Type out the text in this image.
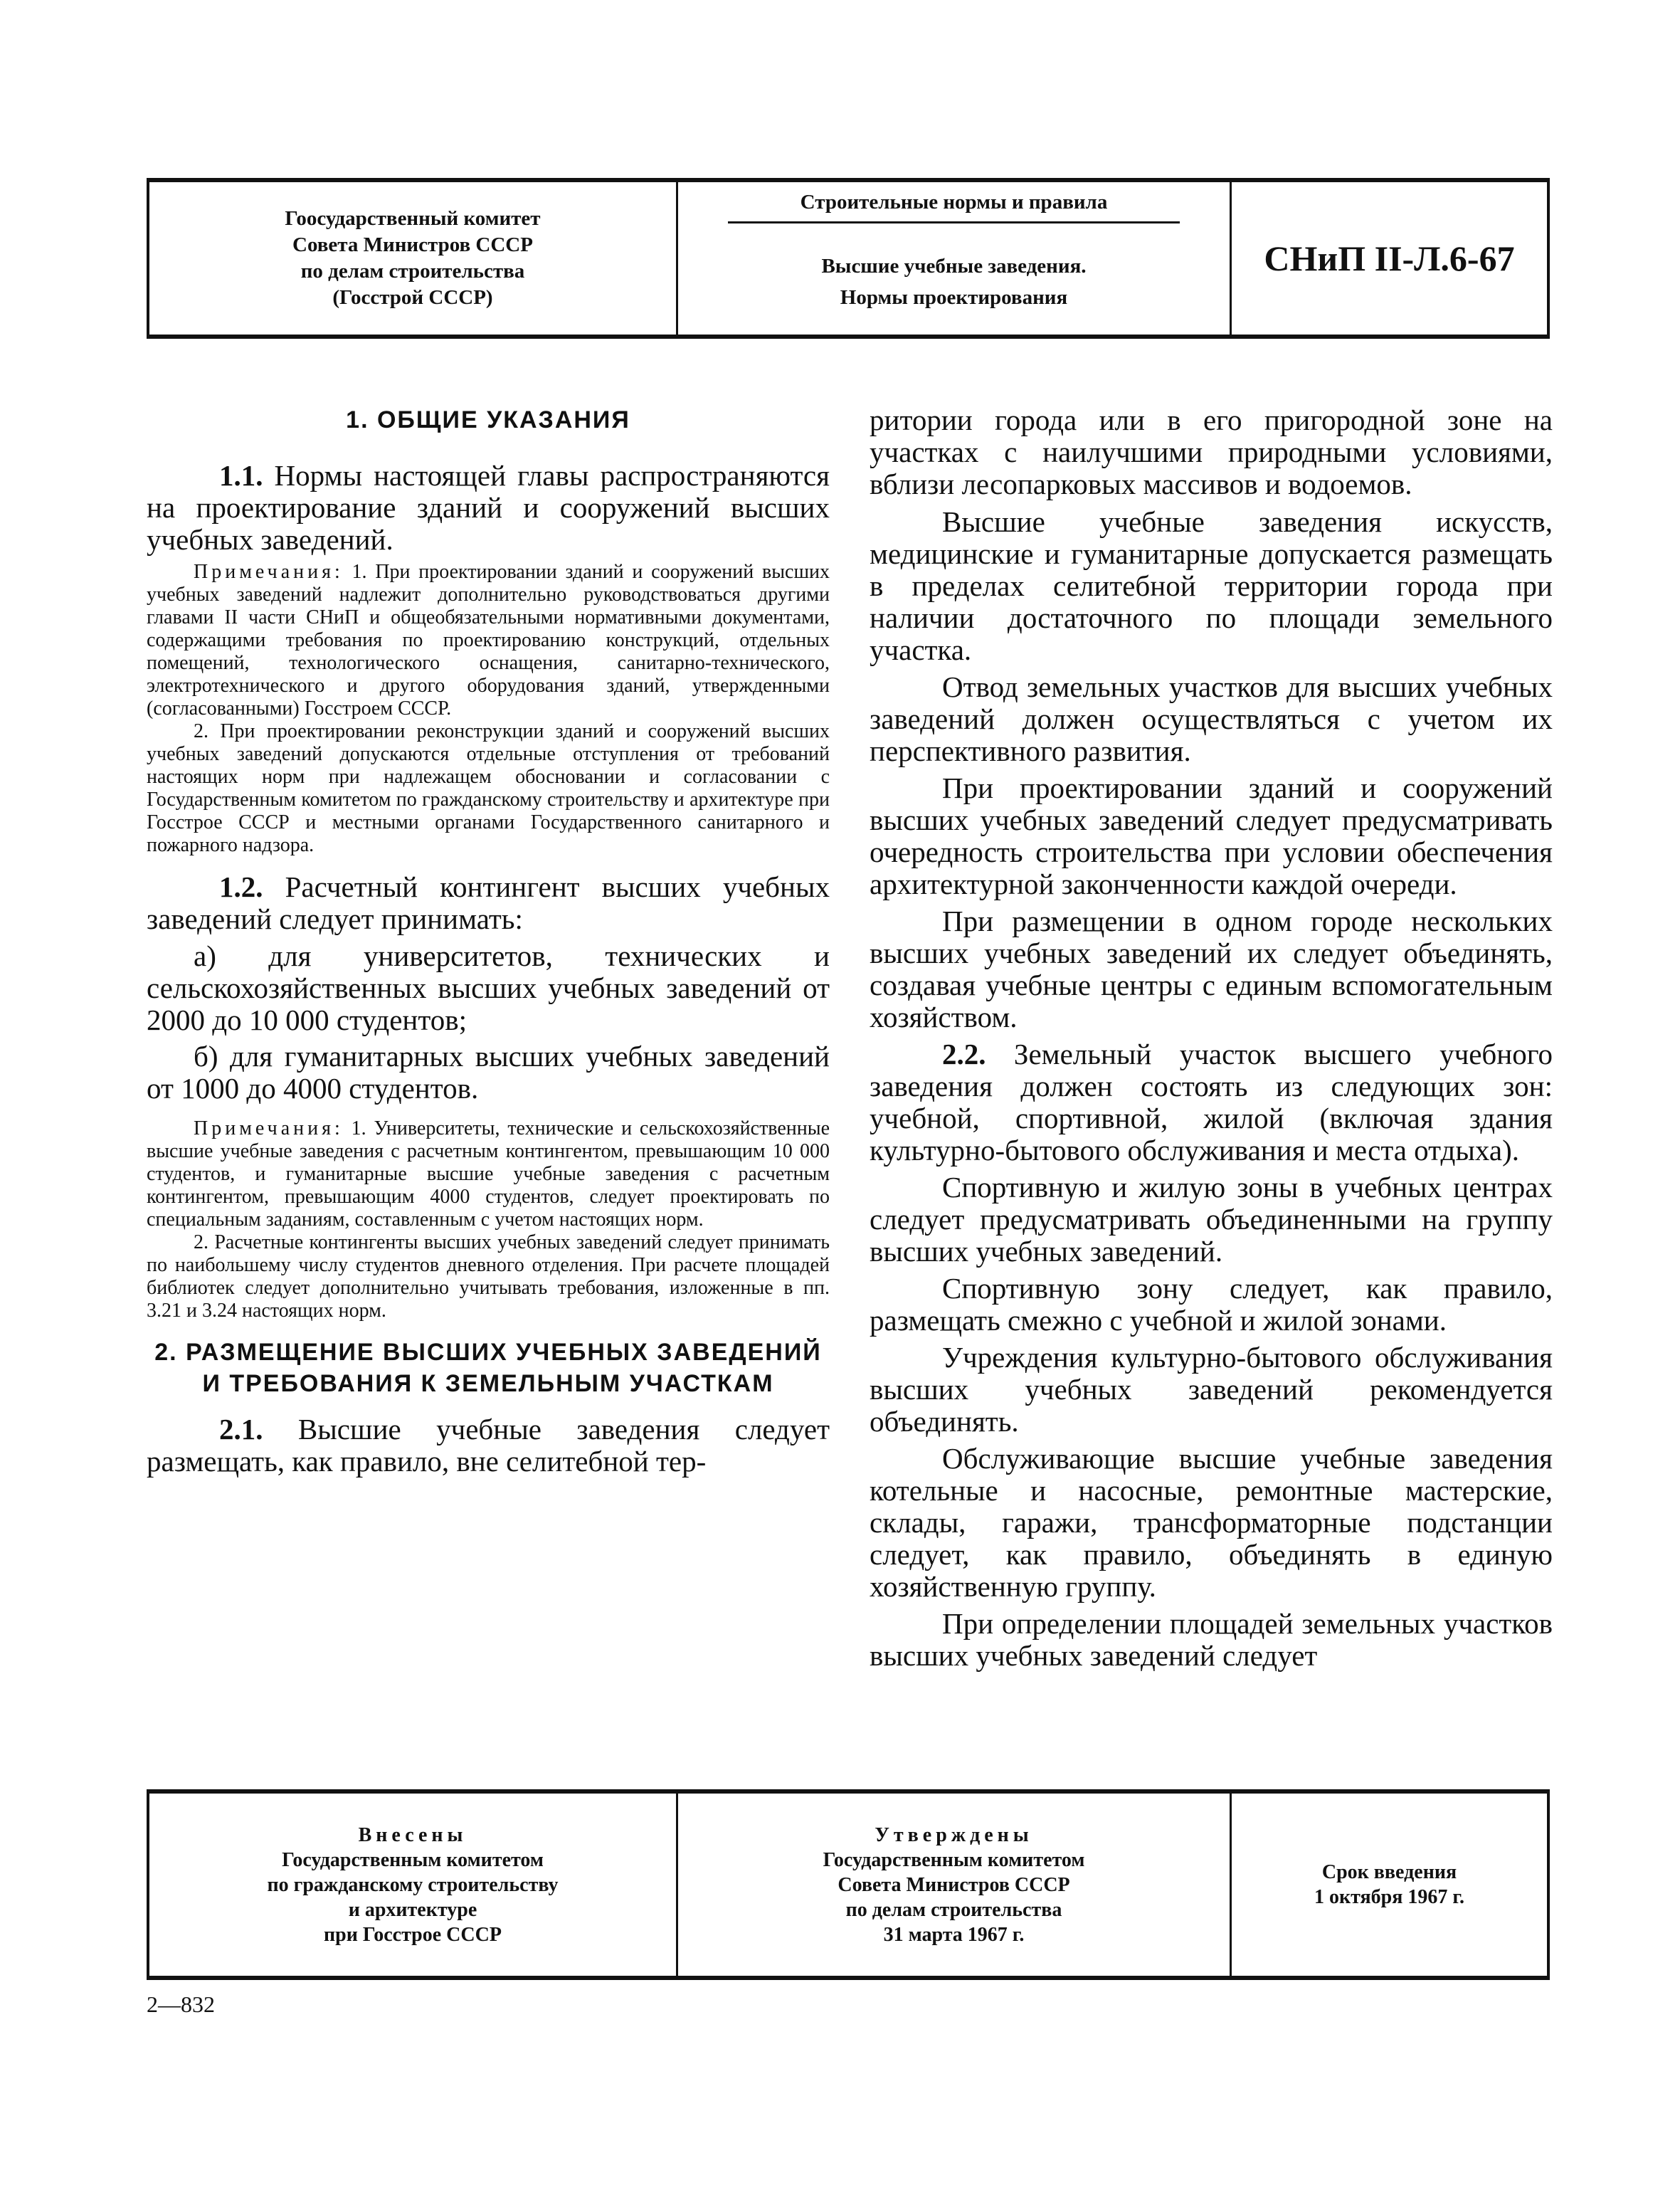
Гоосударственный комитет
Совета Министров СССР
по делам строительства
(Госстрой СССР)
Строительные нормы и правила
Высшие учебные заведения.
Нормы проектирования
СНиП II-Л.6-67
1. ОБЩИЕ УКАЗАНИЯ

1.1. Нормы настоящей главы распространяются на проектирование зданий и сооружений высших учебных заведений.

Примечания: 1. При проектировании зданий и сооружений высших учебных заведений надлежит дополнительно руководствоваться другими главами II части СНиП и общеобязательными нормативными документами, содержащими требования по проектированию конструкций, отдельных помещений, технологического оснащения, санитарно-технического, электротехнического и другого оборудования зданий, утвержденными (согласованными) Госстроем СССР.

2. При проектировании реконструкции зданий и сооружений высших учебных заведений допускаются отдельные отступления от требований настоящих норм при надлежащем обосновании и согласовании с Государственным комитетом по гражданскому строительству и архитектуре при Госстрое СССР и местными органами Государственного санитарного и пожарного надзора.

1.2. Расчетный контингент высших учебных заведений следует принимать:

а) для университетов, технических и сельскохозяйственных высших учебных заведений от 2000 до 10 000 студентов;

б) для гуманитарных высших учебных заведений от 1000 до 4000 студентов.

Примечания: 1. Университеты, технические и сельскохозяйственные высшие учебные заведения с расчетным контингентом, превышающим 10 000 студентов, и гуманитарные высшие учебные заведения с расчетным контингентом, превышающим 4000 студентов, следует проектировать по специальным заданиям, составленным с учетом настоящих норм.

2. Расчетные контингенты высших учебных заведений следует принимать по наибольшему числу студентов дневного отделения. При расчете площадей библиотек следует дополнительно учитывать требования, изложенные в пп. 3.21 и 3.24 настоящих норм.

2. РАЗМЕЩЕНИЕ ВЫСШИХ УЧЕБНЫХ ЗАВЕДЕНИЙ
И ТРЕБОВАНИЯ К ЗЕМЕЛЬНЫМ УЧАСТКАМ

2.1. Высшие учебные заведения следует размещать, как правило, вне селитебной тер-

ритории города или в его пригородной зоне на участках с наилучшими природными условиями, вблизи лесопарковых массивов и водоемов.

Высшие учебные заведения искусств, медицинские и гуманитарные допускается размещать в пределах селитебной территории города при наличии достаточного по площади земельного участка.

Отвод земельных участков для высших учебных заведений должен осуществляться с учетом их перспективного развития.

При проектировании зданий и сооружений высших учебных заведений следует предусматривать очередность строительства при условии обеспечения архитектурной законченности каждой очереди.

При размещении в одном городе нескольких высших учебных заведений их следует объединять, создавая учебные центры с единым вспомогательным хозяйством.

2.2. Земельный участок высшего учебного заведения должен состоять из следующих зон: учебной, спортивной, жилой (включая здания культурно-бытового обслуживания и места отдыха).

Спортивную и жилую зоны в учебных центрах следует предусматривать объединенными на группу высших учебных заведений.

Спортивную зону следует, как правило, размещать смежно с учебной и жилой зонами.

Учреждения культурно-бытового обслуживания высших учебных заведений рекомендуется объединять.

Обслуживающие высшие учебные заведения котельные и насосные, ремонтные мастерские, склады, гаражи, трансформаторные подстанции следует, как правило, объединять в единую хозяйственную группу.

При определении площадей земельных участков высших учебных заведений следует

Внесены
Государственным комитетом
по гражданскому строительству
и архитектуре
при Госстрое СССР
Утверждены
Государственным комитетом
Совета Министров СССР
по делам строительства
31 марта 1967 г.
Срок введения
1 октября 1967 г.
2—832
